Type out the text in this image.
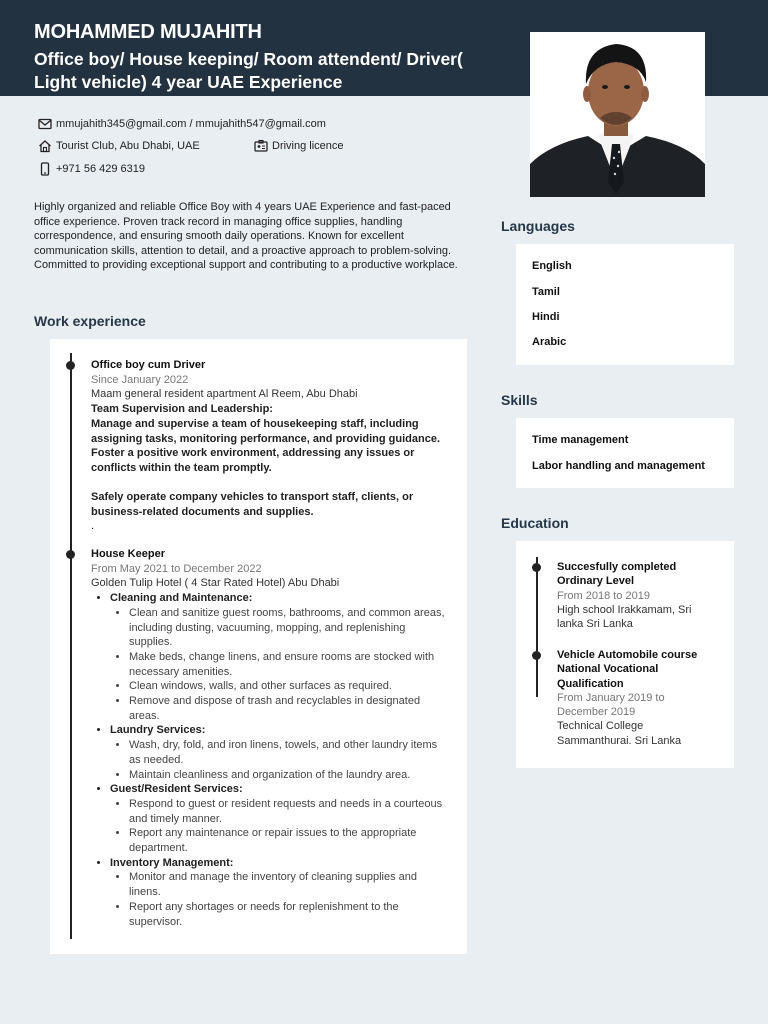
MOHAMMED MUJAHITH
Office boy/ House keeping/ Room attendent/ Driver( Light vehicle) 4 year UAE Experience
mmujahith345@gmail.com / mmujahith547@gmail.com
Tourist Club, Abu Dhabi, UAE	Driving licence
+971 56 429 6319
Highly organized and reliable Office Boy with 4 years UAE Experience and fast-paced office experience. Proven track record in managing office supplies, handling correspondence, and ensuring smooth daily operations. Known for excellent communication skills, attention to detail, and a proactive approach to problem-solving. Committed to providing exceptional support and contributing to a productive workplace.
Work experience
Office boy cum Driver
Since January 2022
Maam general resident apartment Al Reem, Abu Dhabi
Team Supervision and Leadership:
Manage and supervise a team of housekeeping staff, including assigning tasks, monitoring performance, and providing guidance. Foster a positive work environment, addressing any issues or conflicts within the team promptly.
Safely operate company vehicles to transport staff, clients, or business-related documents and supplies.
.
House Keeper
From May 2021 to December 2022
Golden Tulip Hotel ( 4 Star Rated Hotel) Abu Dhabi
• Cleaning and Maintenance:
• Clean and sanitize guest rooms, bathrooms, and common areas, including dusting, vacuuming, mopping, and replenishing supplies.
• Make beds, change linens, and ensure rooms are stocked with necessary amenities.
• Clean windows, walls, and other surfaces as required.
• Remove and dispose of trash and recyclables in designated areas.
• Laundry Services:
• Wash, dry, fold, and iron linens, towels, and other laundry items as needed.
• Maintain cleanliness and organization of the laundry area.
• Guest/Resident Services:
• Respond to guest or resident requests and needs in a courteous and timely manner.
• Report any maintenance or repair issues to the appropriate department.
• Inventory Management:
• Monitor and manage the inventory of cleaning supplies and linens.
• Report any shortages or needs for replenishment to the supervisor.
Languages
English
Tamil
Hindi
Arabic
Skills
Time management
Labor handling and management
Education
Succesfully completed Ordinary Level
From 2018 to 2019
High school Irakkamam, Sri lanka Sri Lanka
Vehicle Automobile course National Vocational Qualification
From January 2019 to December 2019
Technical College Sammanthurai. Sri Lanka
